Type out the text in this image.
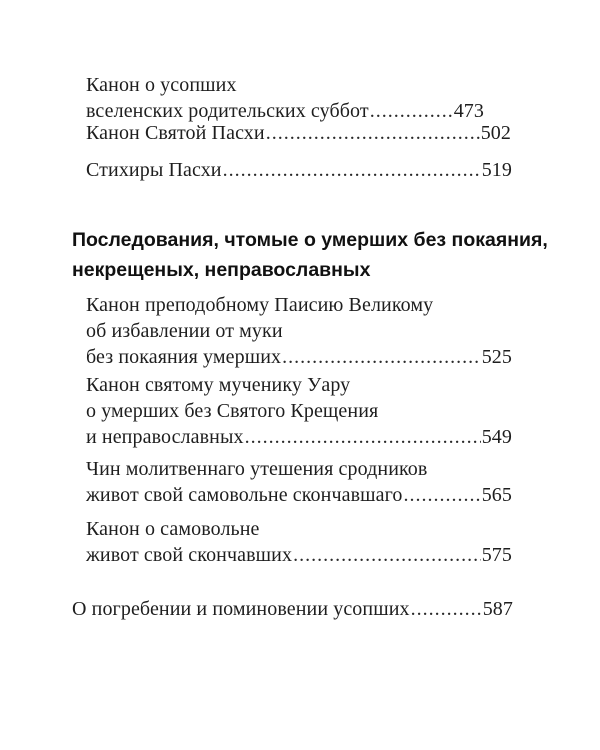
Канон о усопших
вселенских родительских суббот .....	473
Канон Святой Пасхи .....	502
Стихиры Пасхи .....	519
Последования, чтомые о умерших без покаяния,
некрещеных, неправославных
Канон преподобному Паисию Великому
об избавлении от муки
без покаяния умерших .....	525
Канон святому мученику Уару
о умерших без Святого Крещения
и неправославных .....	549
Чин молитвеннаго утешения сродников
живот свой самовольне скончавшаго .....	565
Канон о самовольне
живот свой скончавших .....	575
О погребении и поминовении усопших .....	587
